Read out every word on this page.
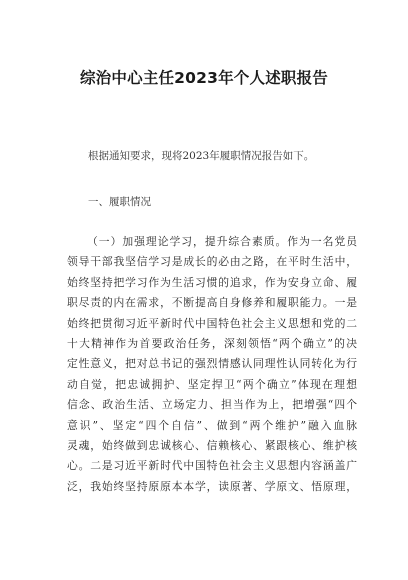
综治中心主任2023年个人述职报告
根据通知要求，现将2023年履职情况报告如下。
一、履职情况
（一）加强理论学习，提升综合素质。作为一名党员
领导干部我坚信学习是成长的必由之路，在平时生活中，
始终坚持把学习作为生活习惯的追求，作为安身立命、履
职尽责的内在需求，不断提高自身修养和履职能力。一是
始终把贯彻习近平新时代中国特色社会主义思想和党的二
十大精神作为首要政治任务，深刻领悟“两个确立”的决
定性意义，把对总书记的强烈情感认同理性认同转化为行
动自觉，把忠诚拥护、坚定捍卫“两个确立”体现在理想
信念、政治生活、立场定力、担当作为上，把增强“四个
意识”、坚定“四个自信”、做到“两个维护”融入血脉
灵魂，始终做到忠诚核心、信赖核心、紧跟核心、维护核
心。二是习近平新时代中国特色社会主义思想内容涵盖广
泛，我始终坚持原原本本学，读原著、学原文、悟原理，
